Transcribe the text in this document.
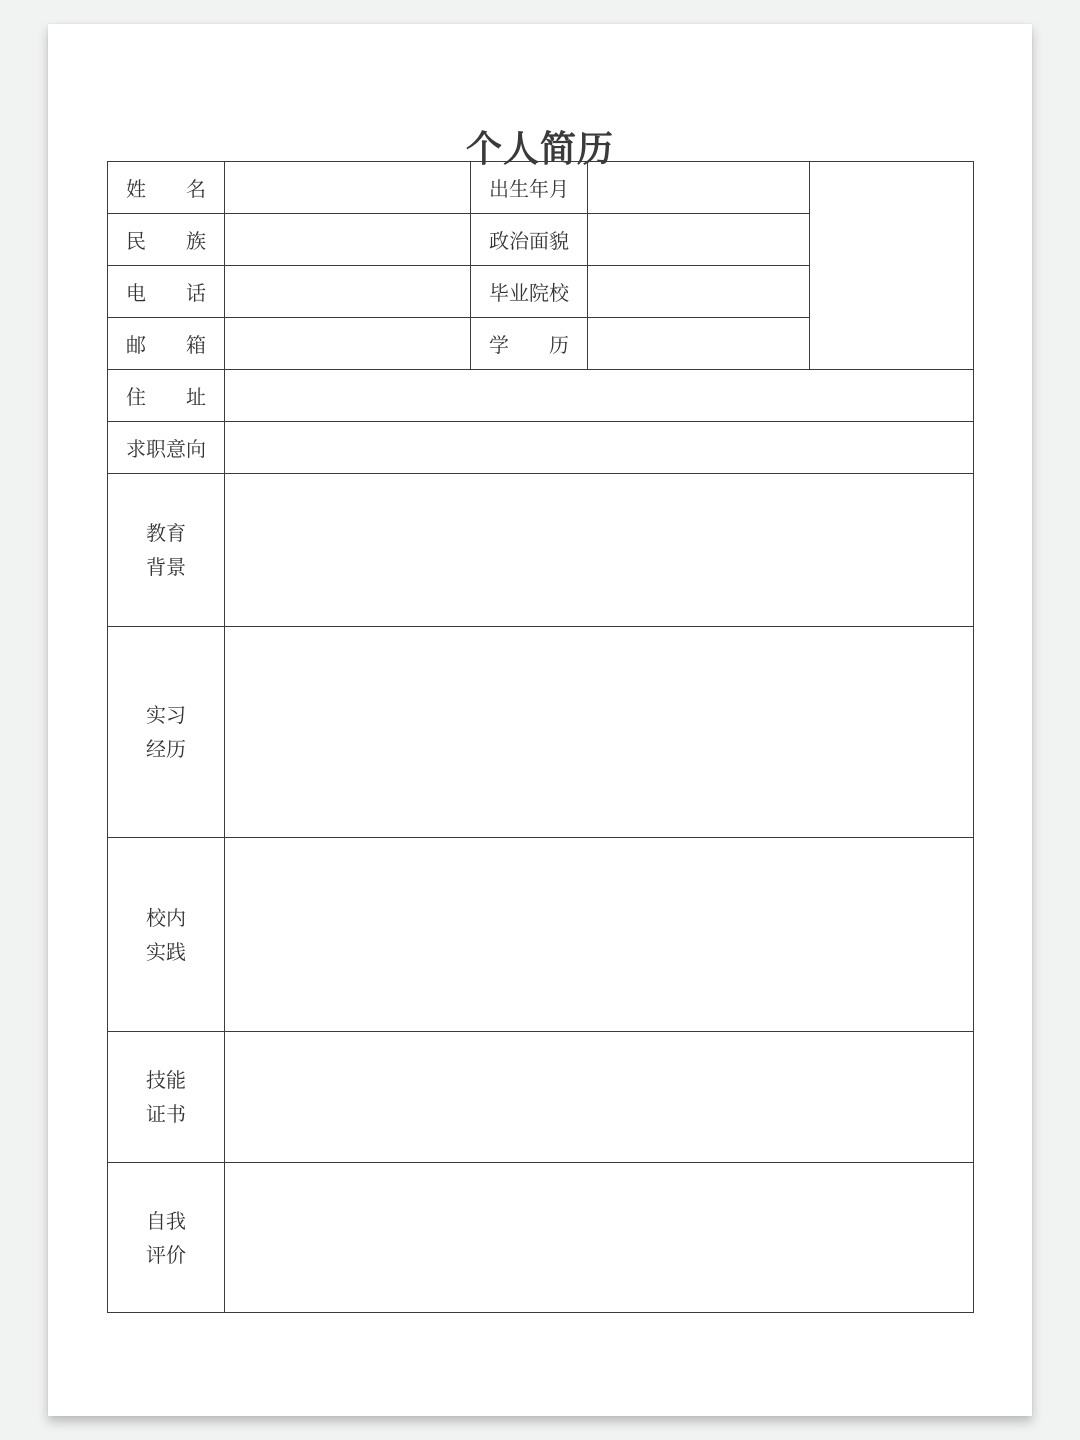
个人简历
姓 名		出生年月		

民 族		政治面貌		

电 话		毕业院校		

邮 箱		学 历		

住 址				

求职意向				

教育
背景				

实习
经历				

校内
实践				

技能
证书				

自我
评价				
